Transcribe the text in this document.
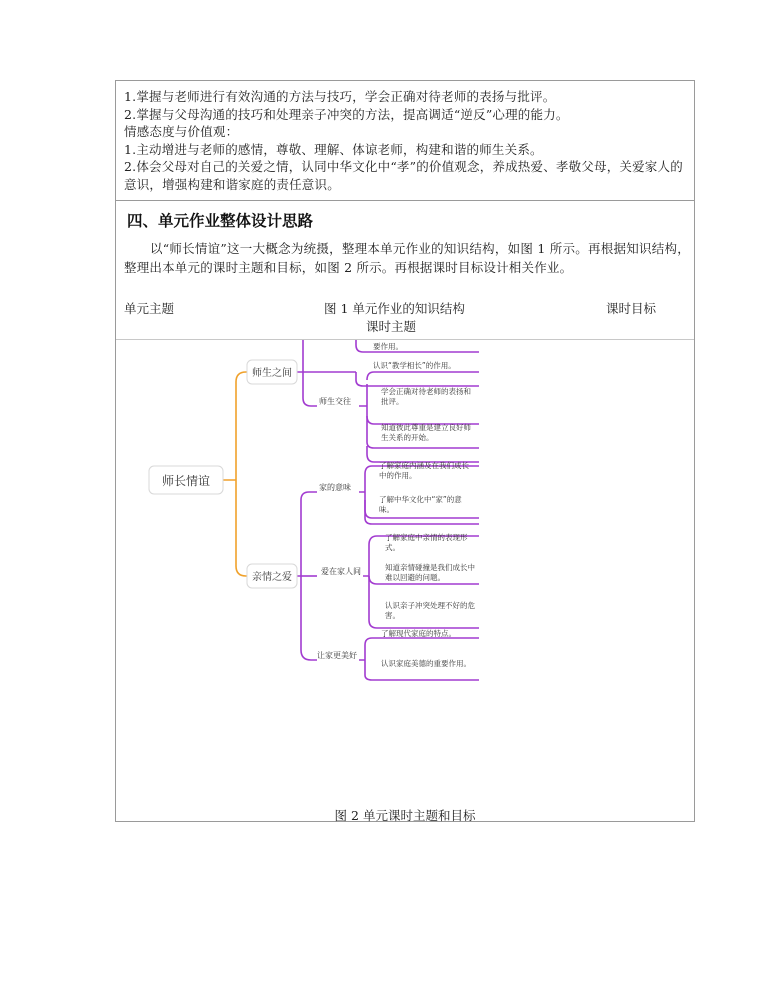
1.掌握与老师进行有效沟通的方法与技巧，学会正确对待老师的表扬与批评。

2.掌握与父母沟通的技巧和处理亲子冲突的方法，提高调适“逆反”心理的能力。

情感态度与价值观：

1.主动增进与老师的感情，尊敬、理解、体谅老师，构建和谐的师生关系。

2.体会父母对自己的关爱之情，认同中华文化中“孝”的价值观念，养成热爱、孝敬父母，关爱家人的意识，增强构建和谐家庭的责任意识。

四、单元作业整体设计思路

以“师长情谊”这一大概念为统摄，整理本单元作业的知识结构，如图 1 所示。再根据知识结构，整理出本单元的课时主题和目标，如图 2 所示。再根据课时目标设计相关作业。

单元主题	图 1 单元作业的知识结构	课时目标
课时主题
师长情谊
师生之间
亲情之爱
师生交往
家的意味
爱在家人间
让家更美好
要作用。
认识“教学相长”的作用。
学会正确对待老师的表扬和
批评。
知道彼此尊重是建立良好师
生关系的开始。
了解家庭内涵及在我们成长
中的作用。
了解中华文化中“家”的意
味。
了解家庭中亲情的表现形
式。
知道亲情碰撞是我们成长中
难以回避的问题。
认识亲子冲突处理不好的危
害。
了解现代家庭的特点。
认识家庭美德的重要作用。
图 2 单元课时主题和目标
